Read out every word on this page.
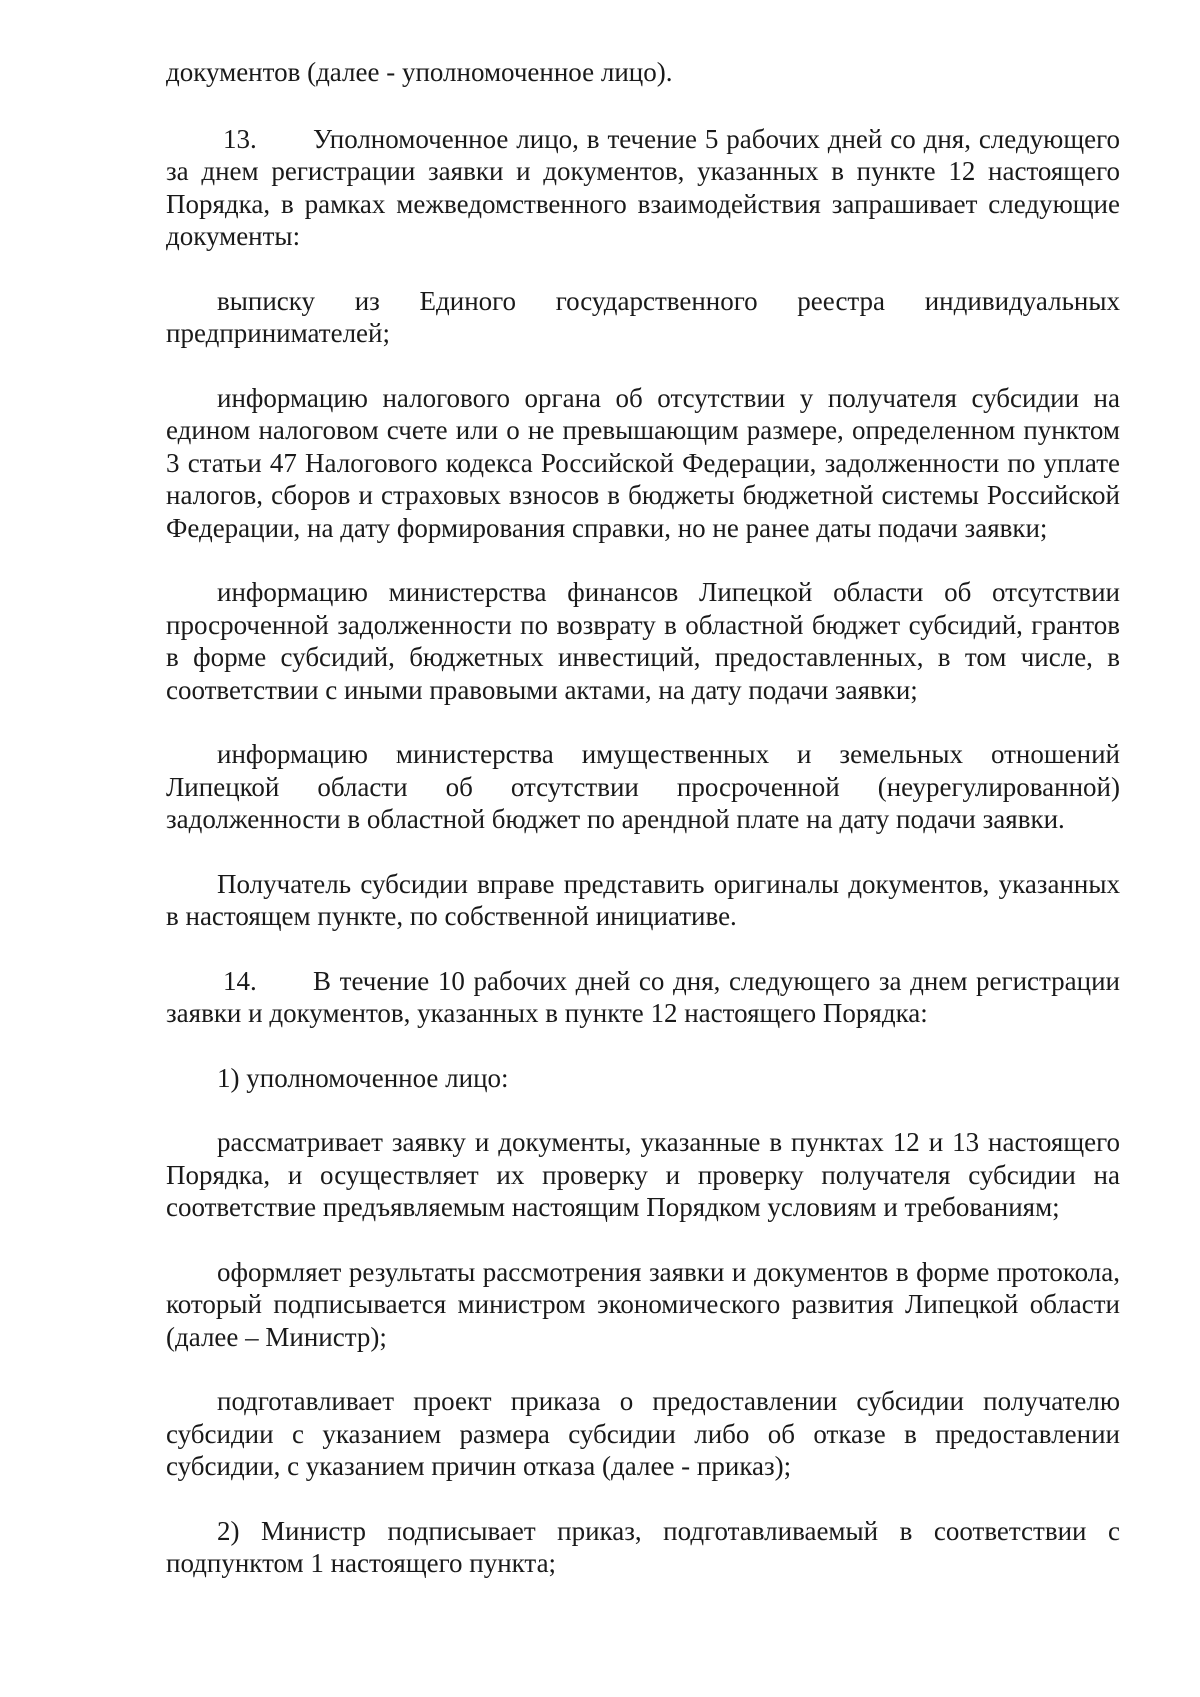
документов (далее - уполномоченное лицо).

13. Уполномоченное лицо, в течение 5 рабочих дней со дня, следующего за днем регистрации заявки и документов, указанных в пункте 12 настоящего Порядка, в рамках межведомственного взаимодействия запрашивает следующие документы:

выписку из Единого государственного реестра индивидуальных предпринимателей;

информацию налогового органа об отсутствии у получателя субсидии на едином налоговом счете или о не превышающим размере, определенном пунктом 3 статьи 47 Налогового кодекса Российской Федерации, задолженности по уплате налогов, сборов и страховых взносов в бюджеты бюджетной системы Российской Федерации, на дату формирования справки, но не ранее даты подачи заявки;

информацию министерства финансов Липецкой области об отсутствии просроченной задолженности по возврату в областной бюджет субсидий, грантов в форме субсидий, бюджетных инвестиций, предоставленных, в том числе, в соответствии с иными правовыми актами, на дату подачи заявки;

информацию министерства имущественных и земельных отношений Липецкой области об отсутствии просроченной (неурегулированной) задолженности в областной бюджет по арендной плате на дату подачи заявки.

Получатель субсидии вправе представить оригиналы документов, указанных в настоящем пункте, по собственной инициативе.

14. В течение 10 рабочих дней со дня, следующего за днем регистрации заявки и документов, указанных в пункте 12 настоящего Порядка:

1) уполномоченное лицо:

рассматривает заявку и документы, указанные в пунктах 12 и 13 настоящего Порядка, и осуществляет их проверку и проверку получателя субсидии на соответствие предъявляемым настоящим Порядком условиям и требованиям;

оформляет результаты рассмотрения заявки и документов в форме протокола, который подписывается министром экономического развития Липецкой области (далее – Министр);

подготавливает проект приказа о предоставлении субсидии получателю субсидии с указанием размера субсидии либо об отказе в предоставлении субсидии, с указанием причин отказа (далее - приказ);

2) Министр подписывает приказ, подготавливаемый в соответствии с подпунктом 1 настоящего пункта;
